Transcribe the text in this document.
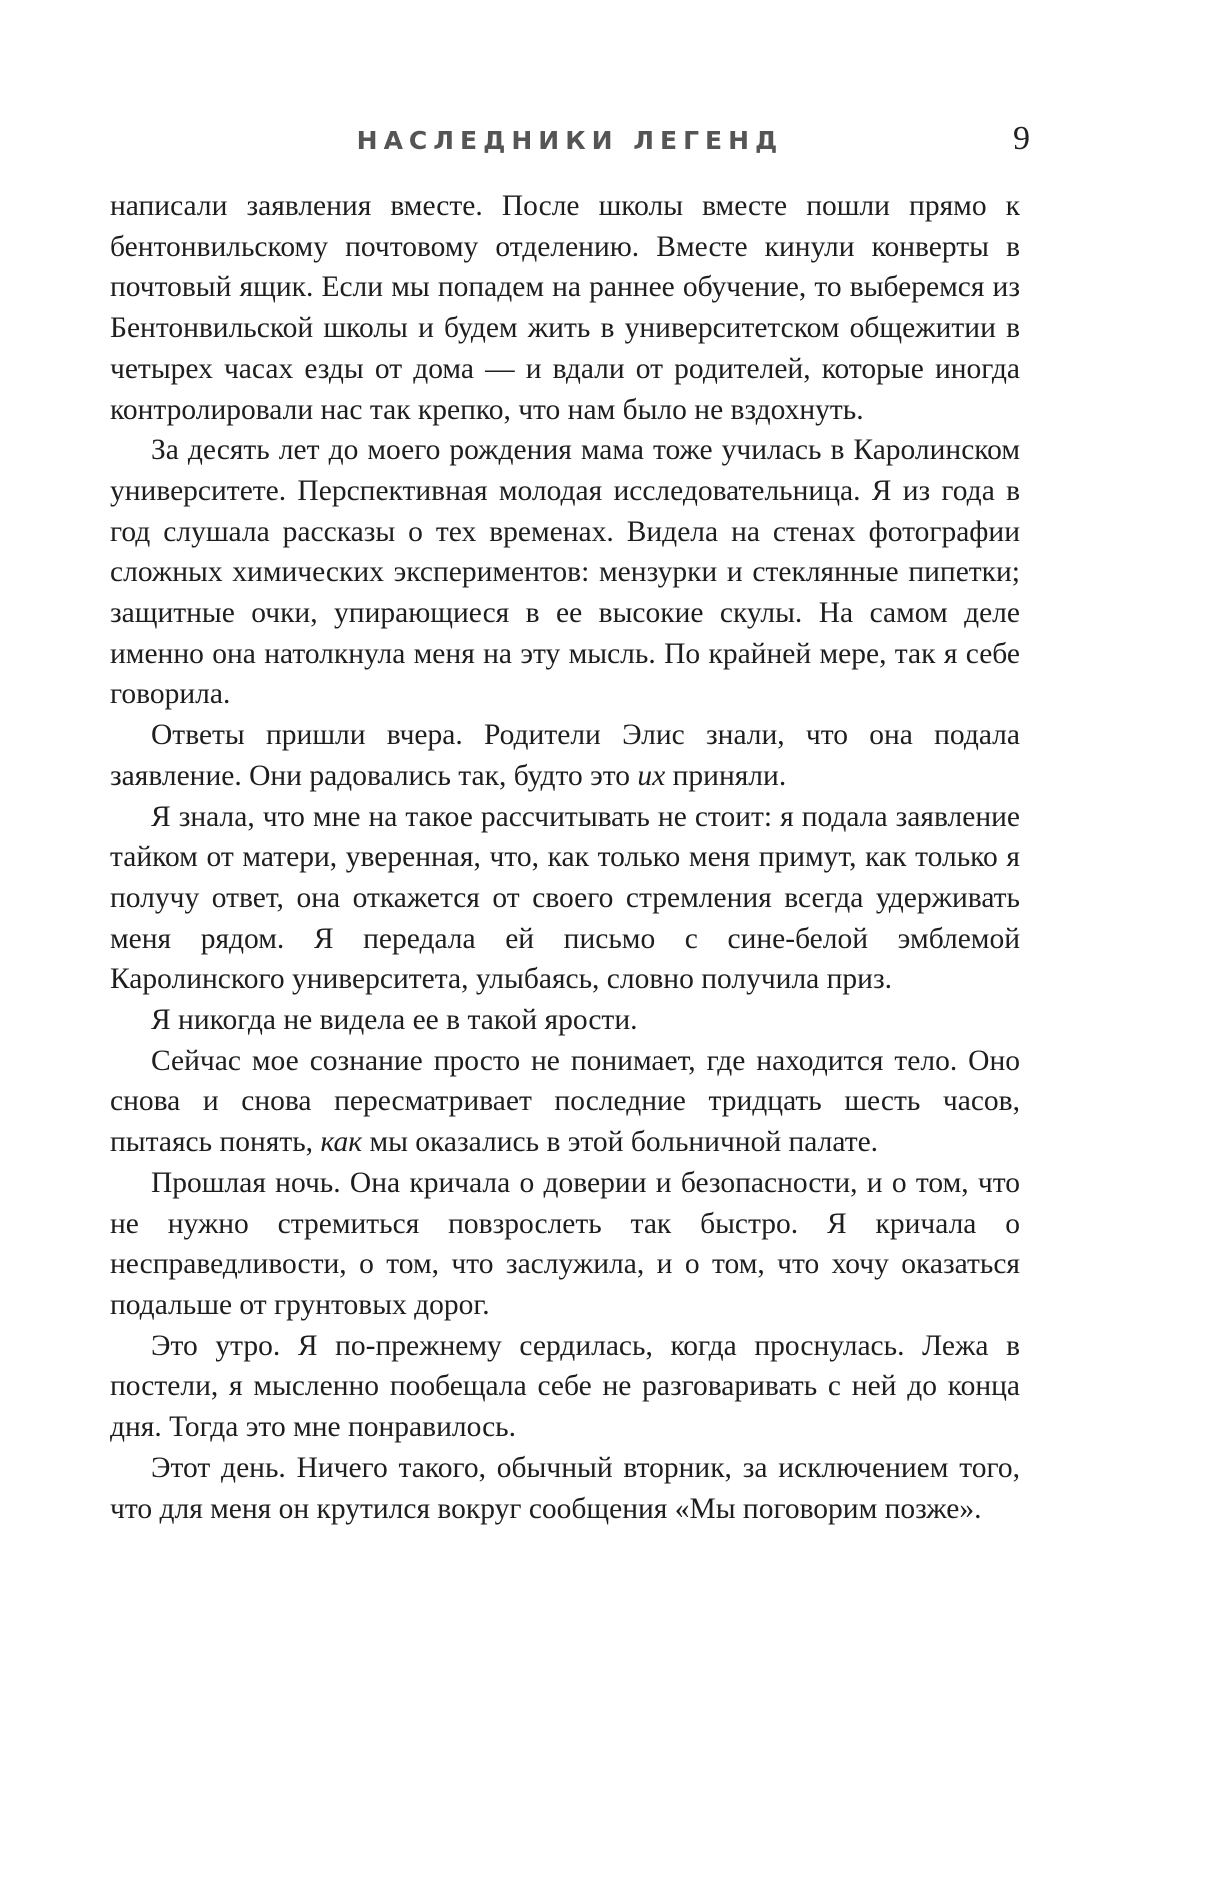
НАСЛЕДНИКИ ЛЕГЕНД	9

написали заявления вместе. После школы вместе пошли прямо к бентонвильскому почтовому отделению. Вместе кинули конверты в почтовый ящик. Если мы попадем на раннее обучение, то выберемся из Бентонвильской школы и будем жить в университетском общежитии в четырех часах езды от дома — и вдали от родителей, которые иногда контролировали нас так крепко, что нам было не вздохнуть.

За десять лет до моего рождения мама тоже училась в Каролинском университете. Перспективная молодая исследовательница. Я из года в год слушала рассказы о тех временах. Видела на стенах фотографии сложных химических экспериментов: мензурки и стеклянные пипетки; защитные очки, упирающиеся в ее высокие скулы. На самом деле именно она натолкнула меня на эту мысль. По крайней мере, так я себе говорила.

Ответы пришли вчера. Родители Элис знали, что она подала заявление. Они радовались так, будто это их приняли.

Я знала, что мне на такое рассчитывать не стоит: я подала заявление тайком от матери, уверенная, что, как только меня примут, как только я получу ответ, она откажется от своего стремления всегда удерживать меня рядом. Я передала ей письмо с сине-белой эмблемой Каролинского университета, улыбаясь, словно получила приз.

Я никогда не видела ее в такой ярости.

Сейчас мое сознание просто не понимает, где находится тело. Оно снова и снова пересматривает последние тридцать шесть часов, пытаясь понять, как мы оказались в этой больничной палате.

Прошлая ночь. Она кричала о доверии и безопасности, и о том, что не нужно стремиться повзрослеть так быстро. Я кричала о несправедливости, о том, что заслужила, и о том, что хочу оказаться подальше от грунтовых дорог.

Это утро. Я по-прежнему сердилась, когда проснулась. Лежа в постели, я мысленно пообещала себе не разговаривать с ней до конца дня. Тогда это мне понравилось.

Этот день. Ничего такого, обычный вторник, за исключением того, что для меня он крутился вокруг сообщения «Мы поговорим позже».
